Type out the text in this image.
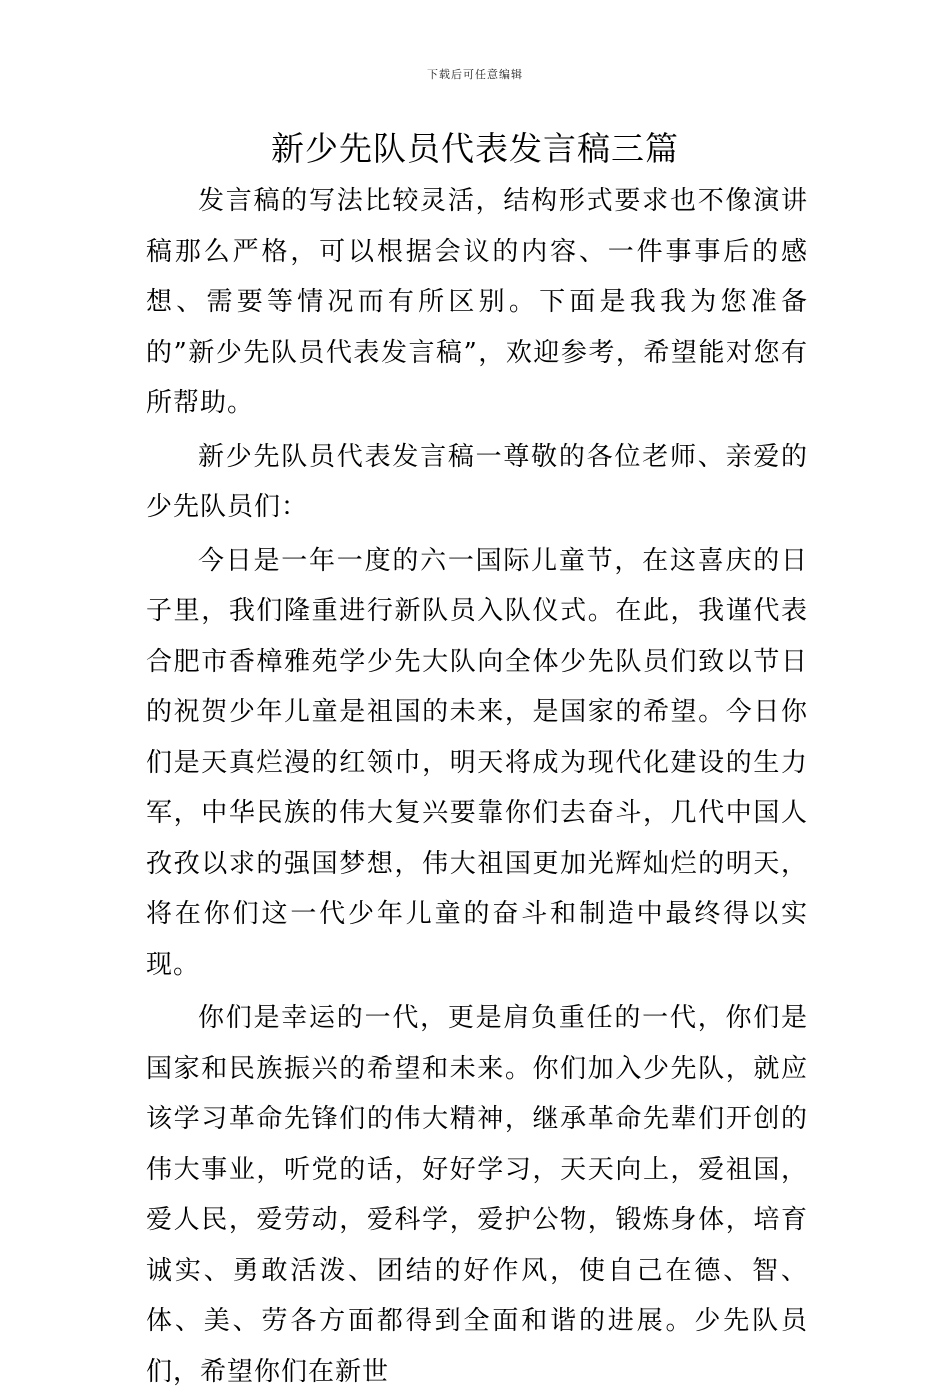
下载后可任意编辑
新少先队员代表发言稿三篇

发言稿的写法比较灵活，结构形式要求也不像演讲稿那么严格，可以根据会议的内容、一件事事后的感想、需要等情况而有所区别。下面是我我为您准备的”新少先队员代表发言稿”，欢迎参考，希望能对您有所帮助。

新少先队员代表发言稿一尊敬的各位老师、亲爱的少先队员们：

今日是一年一度的六一国际儿童节，在这喜庆的日子里，我们隆重进行新队员入队仪式。在此，我谨代表合肥市香樟雅苑学少先大队向全体少先队员们致以节日的祝贺少年儿童是祖国的未来，是国家的希望。今日你们是天真烂漫的红领巾，明天将成为现代化建设的生力军，中华民族的伟大复兴要靠你们去奋斗，几代中国人孜孜以求的强国梦想，伟大祖国更加光辉灿烂的明天，将在你们这一代少年儿童的奋斗和制造中最终得以实现。

你们是幸运的一代，更是肩负重任的一代，你们是国家和民族振兴的希望和未来。你们加入少先队，就应该学习革命先锋们的伟大精神，继承革命先辈们开创的伟大事业，听党的话，好好学习，天天向上，爱祖国，爱人民，爱劳动，爱科学，爱护公物，锻炼身体，培育诚实、勇敢活泼、团结的好作风，使自己在德、智、体、美、劳各方面都得到全面和谐的进展。少先队员们，希望你们在新世
